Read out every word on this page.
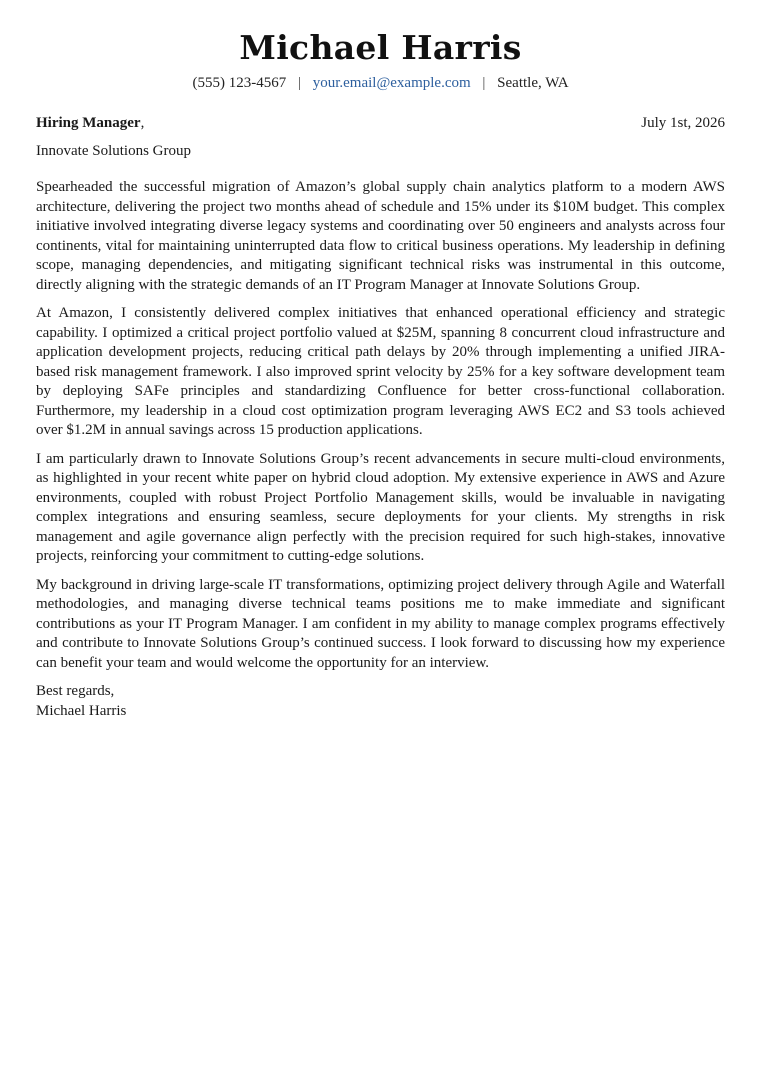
Michael Harris
(555) 123-4567 | your.email@example.com | Seattle, WA
Hiring Manager,	July 1st, 2026
Innovate Solutions Group

Spearheaded the successful migration of Amazon’s global supply chain analytics platform to a modern AWS architecture, delivering the project two months ahead of schedule and 15% under its $10M budget. This complex initiative involved integrating diverse legacy systems and coordinating over 50 engineers and analysts across four continents, vital for maintaining uninterrupted data flow to critical business operations. My leadership in defining scope, managing dependencies, and mitigating significant technical risks was instrumental in this outcome, directly aligning with the strategic demands of an IT Program Manager at Innovate Solutions Group.

At Amazon, I consistently delivered complex initiatives that enhanced operational efficiency and strategic capability. I optimized a critical project portfolio valued at $25M, spanning 8 concurrent cloud infrastructure and application development projects, reducing critical path delays by 20% through implementing a unified JIRA-based risk management framework. I also improved sprint velocity by 25% for a key software development team by deploying SAFe principles and standardizing Confluence for better cross-functional collaboration. Furthermore, my leadership in a cloud cost optimization program leveraging AWS EC2 and S3 tools achieved over $1.2M in annual savings across 15 production applications.

I am particularly drawn to Innovate Solutions Group’s recent advancements in secure multi-cloud environments, as highlighted in your recent white paper on hybrid cloud adoption. My extensive experience in AWS and Azure environments, coupled with robust Project Portfolio Management skills, would be invaluable in navigating complex integrations and ensuring seamless, secure deployments for your clients. My strengths in risk management and agile governance align perfectly with the precision required for such high-stakes, innovative projects, reinforcing your commitment to cutting-edge solutions.

My background in driving large-scale IT transformations, optimizing project delivery through Agile and Waterfall methodologies, and managing diverse technical teams positions me to make immediate and significant contributions as your IT Program Manager. I am confident in my ability to manage complex programs effectively and contribute to Innovate Solutions Group’s continued success. I look forward to discussing how my experience can benefit your team and would welcome the opportunity for an interview.

Best regards,
Michael Harris
